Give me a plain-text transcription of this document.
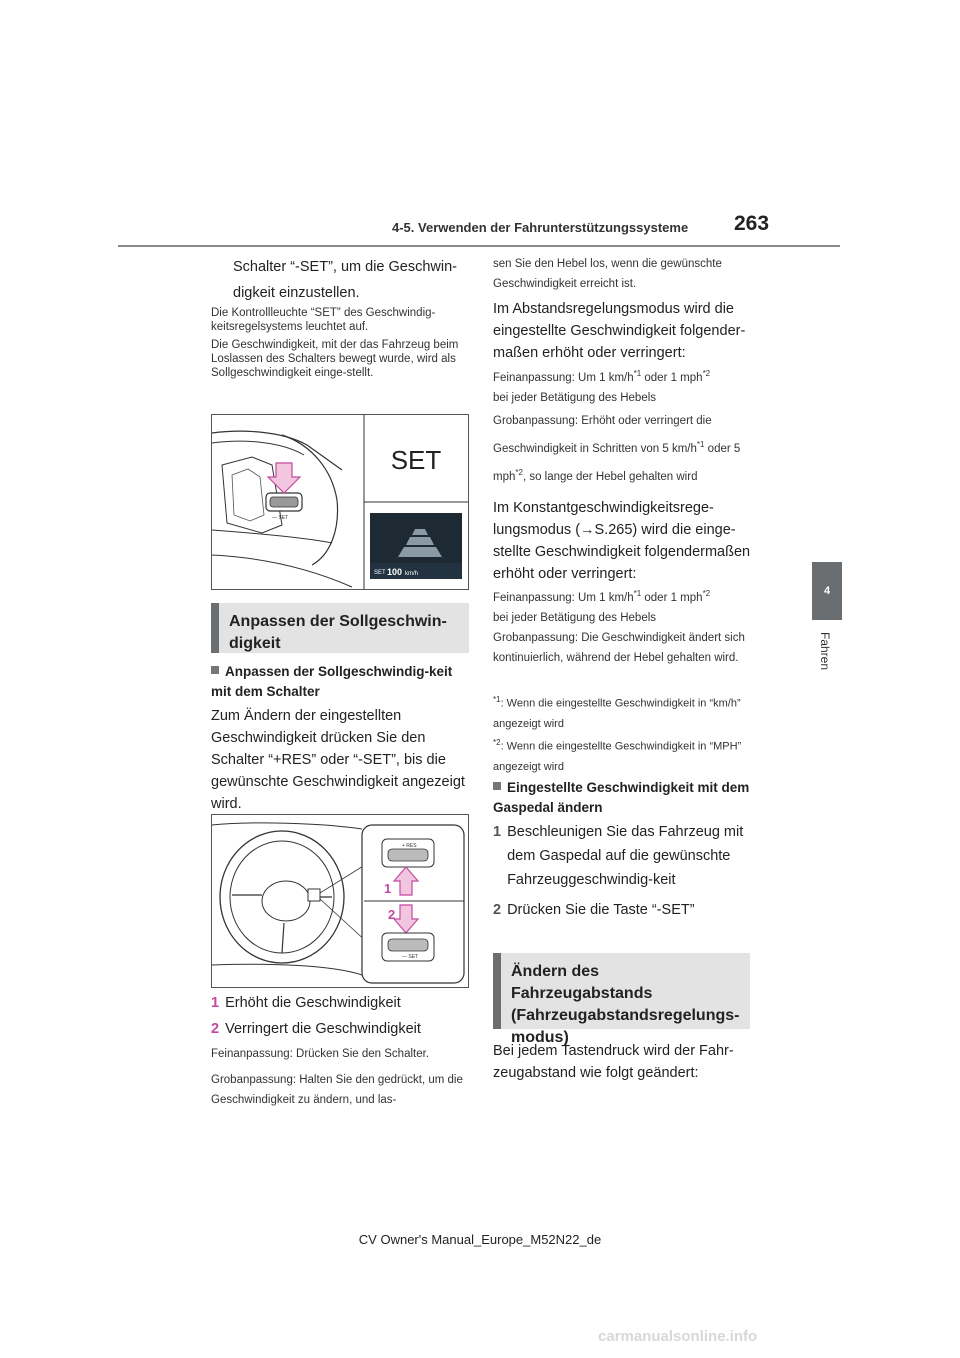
4-5. Verwenden der Fahrunterstützungssysteme 263
4
Fahren
Schalter “-SET”, um die Geschwin-
digkeit einzustellen.
Die Kontrollleuchte “SET” des Geschwindig-keitsregelsystems leuchtet auf.
Die Geschwindigkeit, mit der das Fahrzeug beim Loslassen des Schalters bewegt wurde, wird als Sollgeschwindigkeit einge-stellt.
— SET
SET
SET 100 km/h
Anpassen der Sollgeschwin-digkeit
Anpassen der Sollgeschwindig-keit mit dem Schalter
Zum Ändern der eingestellten Geschwindigkeit drücken Sie den Schalter “+RES” oder “-SET”, bis die gewünschte Geschwindigkeit angezeigt wird.
+ RES
1
2
— SET
1 Erhöht die Geschwindigkeit
2 Verringert die Geschwindigkeit
Feinanpassung: Drücken Sie den Schalter.
Grobanpassung: Halten Sie den gedrückt, um die Geschwindigkeit zu ändern, und las-
sen Sie den Hebel los, wenn die gewünschte Geschwindigkeit erreicht ist.
Im Abstandsregelungsmodus wird die eingestellte Geschwindigkeit folgender-maßen erhöht oder verringert:
Feinanpassung: Um 1 $km/h^{*1}$ oder 1 mph$^{*2}$
bei jeder Betätigung des Hebels
Grobanpassung: Erhöht oder verringert die Geschwindigkeit in Schritten von 5 $km/h^{*1}$ oder 5 mph$^{*2}$, so lange der Hebel gehalten wird
Im Konstantgeschwindigkeitsrege-lungsmodus (→S.265) wird die einge-stellte Geschwindigkeit folgendermaßen erhöht oder verringert:
Feinanpassung: Um 1 $km/h^{*1}$ oder 1 mph$^{*2}$
bei jeder Betätigung des Hebels
Grobanpassung: Die Geschwindigkeit ändert sich kontinuierlich, während der Hebel gehalten wird.
$^{*1}$: Wenn die eingestellte Geschwindigkeit in “km/h” angezeigt wird
$^{*2}$: Wenn die eingestellte Geschwindigkeit in “MPH” angezeigt wird
Eingestellte Geschwindigkeit mit dem Gaspedal ändern
1 Beschleunigen Sie das Fahrzeug mit dem Gaspedal auf die gewünschte Fahrzeuggeschwindig-keit
2 Drücken Sie die Taste “-SET”
Ändern des Fahrzeugabstands (Fahrzeugabstandsregelungs-modus)
Bei jedem Tastendruck wird der Fahr-zeugabstand wie folgt geändert:
CV Owner's Manual_Europe_M52N22_de
carmanualsonline.info
